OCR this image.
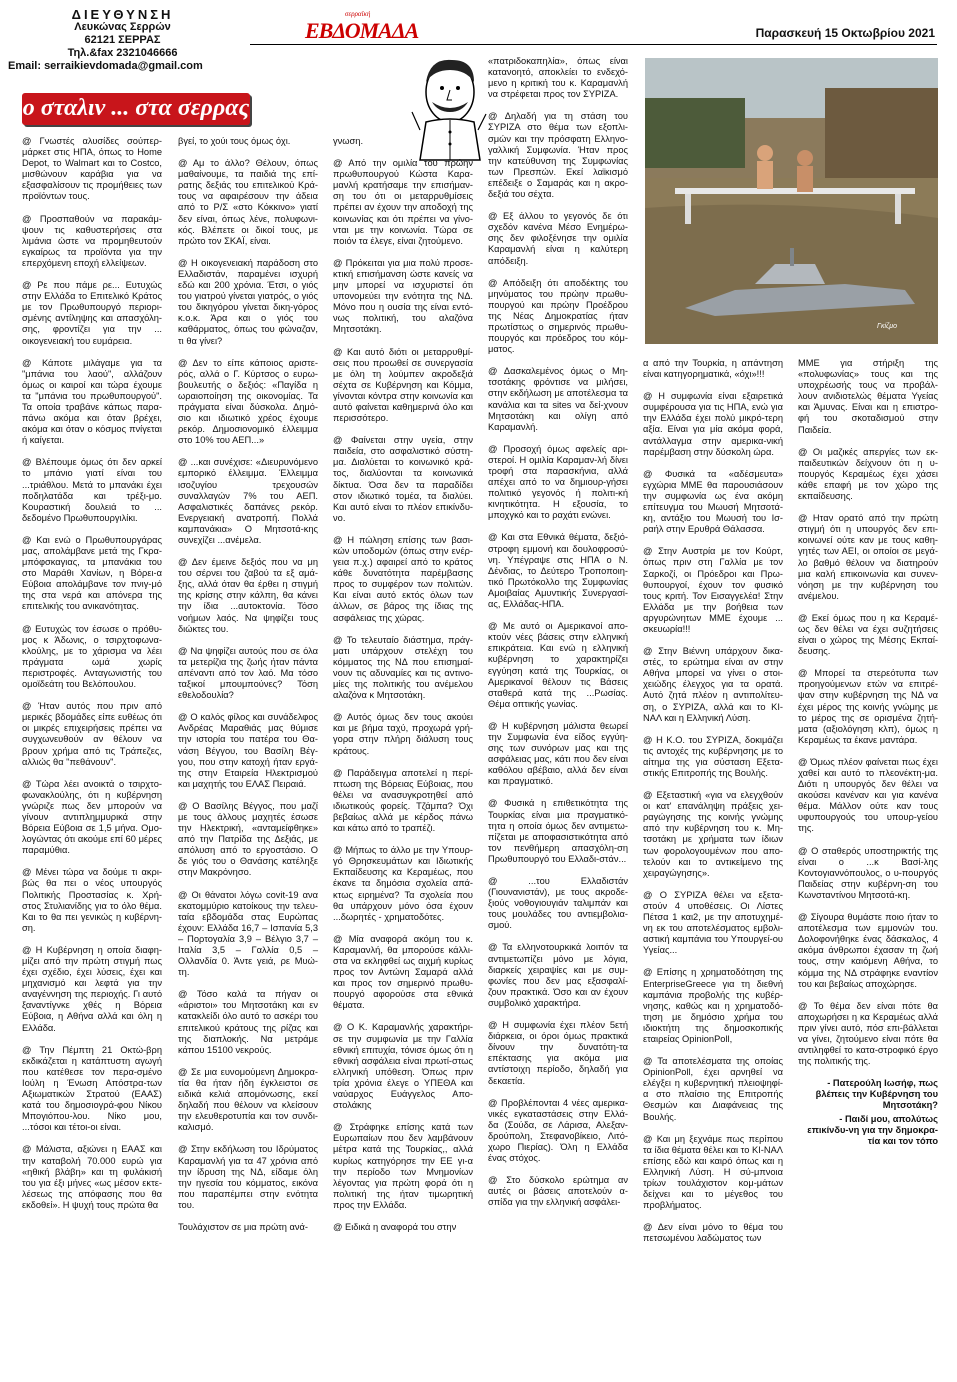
ΔΙΕΥΘΥΝΣΗ
Λευκώνας Σερρών
62121 ΣΕΡΡΑΣ
Τηλ.&fax 2321046666
Email: serraikievdomada@gmail.com
σερραϊκή
ΕΒΔΟΜΑΔΑ	Παρασκευή 15 Οκτωβρίου 2021
ο σταλιν ... στα σερρας
Γκίζμο

@ Γνωστές αλυσίδες σούπερ-μάρκετ στις ΗΠΑ, όπως το Home Depot, το Walmart και το Costco, μισθώνουν καράβια για να εξασφαλίσουν τις προμήθειες των προϊόντων τους.

@ Προσπαθούν να παρακάμ-ψουν τις καθυστερήσεις στα λιμάνια ώστε να προμηθευτούν εγκαίρως τα προϊόντα για την επερχόμενη εποχή ελλείψεων.

@ Ρε που πάμε ρε... Ευτυχώς στην Ελλάδα το Επιτελικό Κράτος με τον Πρωθυπουργό περιορι-σμένης αντίληψης και απασχόλη-σης, φροντίζει για την ... οικογενειακή του ευμάρεια.

@ Κάποτε μιλάγαμε για τα "μπάνια του λαού", αλλάζουν όμως οι καιροί και τώρα έχουμε τα "μπάνια του πρωθυπουργού". Τα οποία τραβάνε κάπως παρα-πάνω ακόμα και όταν βρέχει, ακόμα και όταν ο κόσμος πνίγεται ή καίγεται.

@ Βλέπουμε όμως ότι δεν αρκεί το μπάνιο γιατί είναι του ...τριάθλου. Μετά το μπανάκι έχει ποδηλατάδα και τρέξι-μο. Κουραστική δουλειά το ... δεδομένο Πρωθυπουργιλίκι.

@ Και ενώ ο Πρωθυπουργάρας μας, απολάμβανε μετά της Γκρα-μπόφσκαγιας, τα μπανάκια του στο Μαράθι Χανίων, η Βόρει-α Εύβοια απολάμβανε τον πνιγ-μό της στα νερά και απόνερα της επιτελικής του ανικανότητας.

@ Ευτυχώς τον έσωσε ο πρόθυ-μος κ Άδωνις, ο τσιρχτοφωνα-κλούλης, με το χάρισμα να λέει πράγματα ωμά χωρίς περιστροφές. Ανταγωνιστής του ομοϊδεάτη του Βελόπουλου.

@ Ήταν αυτός που πριν από μερικές βδομάδες είπε ευθέως ότι οι μικρές επιχειρήσεις πρέπει να συγχωνευθούν αν θέλουν να βρουν χρήμα από τις Τράπεζες, αλλιώς θα "πεθάνουν".

@ Τώρα λέει ανοικτά ο τσιρχτο-φωνακλούλης, ότι η κυβέρνηση γνώριζε πως δεν μπορούν να γίνουν αντιπλημμυρικά στην Βόρεια Εύβοια σε 1,5 μήνα. Ομο-λογώντας ότι ακούμε επί 60 μέρες παραμύθια.

@ Μένει τώρα να δούμε τι ακρι-βώς θα πει ο νέος υπουργός Πολιτικής Προστασίας κ. Χρή-στος Στυλιανίδης για το όλο θέμα. Και το θα πει γενικώς η κυβέρνη-ση.

@ Η Κυβέρνηση η οποία διαφη-μίζει από την πρώτη στιγμή πως έχει σχέδιο, έχει λύσεις, έχει και μηχανισμό και λεφτά για την αναγέννηση της περιοχής. Γι αυτό ξαναντίγνκε χθές η Βόρεια Εύβοια, η Αθήνα αλλά και όλη η Ελλάδα.

@ Την Πέμπτη 21 Οκτώ-βρη εκδικάζεται η κατάπτυστη αγωγή που κατέθεσε τον περα-σμένο Ιούλη η Ένωση Απόστρα-των Αξιωματικών Στρατού (ΕΑΑΣ) κατά του δημοσιογρά-φου Νίκου Μπογιόπου-λου. Νίκο μου, ...τόσοι και τέτοι-οι είναι.

@ Μάλιστα, αξιώνει η ΕΑΑΣ και την καταβολή 70.000 ευρώ για «ηθική βλάβη» και τη φυλάκισή του για έξι μήνες «ως μέσον εκτε-λέσεως της απόφασης που θα εκδοθεί». Η ψυχή τους πρώτα θα

βγεί, το χούι τους όμως όχι.

@ Αμ το άλλο? Θέλουν, όπως μαθαίνουμε, τα παιδιά της επί-ρατης δεξιάς του επιτελικού Κρά-τους να αφαιρέσουν την άδεια από το Ρ/Σ «στο Κόκκινο» γιατί δεν είναι, όπως λένε, πολυφωνι-κός. Βλέπετε οι δικοί τους, με πρώτο τον ΣΚΑΪ, είναι.

@ Η οικογενειακή παράδοση στο Ελλαδιστάν, παραμένει ισχυρή εδώ και 200 χρόνια. Έτσι, ο γιός του γιατρού γίνεται γιατρός, ο γιός του δικηγόρου γίνεται δικη-γόρος κ.ο.κ. Άρα και ο γιός του καθάρματος, όπως του φώναζαν, τι θα γίνει?

@ Δεν το είπε κάποιος αριστε-ρός, αλλά ο Γ. Κύρτσος ο ευρω-βουλευτής ο δεξιός: «Παγίδα η ωραιοποίηση της οικονομίας. Τα πράγματα είναι δύσκολα. Δημό-σιο και ιδιωτικό χρέος έχουμε ρεκόρ. Δημοσιονομικό έλλειμμα στο 10% του ΑΕΠ...»

@ ...και συνέχισε: «Διευρυνόμενο εμπορικό έλλειμμα. Έλλειμμα ισοζυγίου τρεχουσών συναλλαγών 7% του ΑΕΠ. Ασφαλιστικές δαπάνες ρεκόρ. Ενεργειακή ανατροπή. Πολλά καμπανάκια» Ο Μητσοτά-κης συνεχίζει ...ανέμελα.

@ Δεν έμεινε δεξιός που να μη του σέρνει του ζαβού τα εξ αμά-ξης, αλλά όταν θα έρθει η στιγμή της κρίσης στην κάλπη, θα κάνει την ίδια ...αυτοκτονία. Τόσο νοήμων λαός. Να ψηφίζει τους διώκτες του.

@ Να ψηφίζει αυτούς που σε όλα τα μετερίζια της ζωής ήταν πάντα απέναντι από τον λαό. Μα τόσο ταξικοί μπουμπούνες? Τόση εθελοδουλία?

@ Ο καλός φίλος και συνάδελφος Ανδρέας Μαραθιάς μας θύμισε την ιστορία του πατέρα του Θα-νάση Βέγγου, του Βασίλη Βέγ-γου, που στην κατοχή ήταν εργά-της στην Εταιρεία Ηλεκτρισμού και μαχητής του ΕΛΑΣ Πειραιά.

@ Ο Βασίλης Βέγγος, που μαζί με τους άλλους μαχητές έσωσε την Ηλεκτρική, «ανταμείφθηκε» από την Πατρίδα της Δεξιάς, με απόλυση από το εργοστάσιο. Ο δε γιός του ο Θανάσης κατέληξε στην Μακρόνησο.

@ Οι θάνατοι λόγω covit-19 ανα εκατομμύριο κατοίκους την τελευ-ταία εβδομάδα στας Ευρώπας έχουν: Ελλάδα 16,7 – Ισπανία 5,3 – Πορτογαλία 3,9 – Βέλγιο 3,7 – Ιταλία 3,5 – Γαλλία 0,5 – Ολλανδία 0. Άντε γειά, ρε Μυώ-τη.

@ Τόσο καλά τα πήγαν οι «άριστοι» του Μητσοτάκη και εν κατακλείδι όλο αυτό το ασκέρι του επιτελικού κράτους της ρίζας και της διαπλοκής. Να μετράμε κάπου 15100 νεκρούς.

@ Σε μια ευνομούμενη Δημοκρα-τία θα ήταν ήδη έγκλειστοι σε ειδικά κελιά απομόνωσης, εκεί δηλαδή που θέλουν να κλείσουν την ελευθεροτυπία και τον συνδι-καλισμό.

@ Στην εκδήλωση του Ιδρύματος Καραμανλή για τα 47 χρόνια από την ίδρυση της ΝΔ, είδαμε όλη την ηγεσία του κόμματος, εικόνα που παραπέμπει στην ενότητα του.

Τουλάχιστον σε μια πρώτη ανά-

γνωση.

@ Από την ομιλία του πρώην πρωθυπουργού Κώστα Καρα-μανλή κρατήσαμε την επισήμαν-ση του ότι οι μεταρρυθμίσεις πρέπει αν έχουν την αποδοχή της κοινωνίας και ότι πρέπει να γίνο-νται με την κοινωνία. Τώρα σε ποιόν τα έλεγε, είναι ζητούμενο.

@ Πρόκειται για μια πολύ προσε-κτική επισήμανση ώστε κανείς να μην μπορεί να ισχυριστεί ότι υπονομεύει την ενότητα της ΝΔ. Μόνο που η ουσία της είναι εντό-νως πολιτική, του αλαζόνα Μητσοτάκη.

@ Και αυτό διότι οι μεταρρυθμί-σεις που προωθεί σε συνεργασία με όλη τη λούμπεν ακροδεξιά σέχτα σε Κυβέρνηση και Κόμμα, γίνονται κόντρα στην κοινωνία και αυτό φαίνεται καθημερινά όλο και περισσότερο.

@ Φαίνεται στην υγεία, στην παιδεία, στο ασφαλιστικό σύστη-μα. Διαλύεται το κοινωνικό κρά-τος, διαλύονται τα κοινωνικά δίκτυα. Όσα δεν τα παραδίδει στον ιδιωτικό τομέα, τα διαλύει. Και αυτό είναι το πλέον επικίνδυ-νο.

@ Η πώληση επίσης των βασι-κών υποδομών (όπως στην ενέρ-γεια π.χ.) αφαιρεί από το κράτος κάθε δυνατότητα παρέμβασης προς το συμφέρον των πολιτών. Και είναι αυτό εκτός όλων των άλλων, σε βάρος της ίδιας της ασφάλειας της χώρας.

@ Το τελευταίο διάστημα, πράγ-ματι υπάρχουν στελέχη του κόμματος της ΝΔ που επισημαί-νουν τις αδυναμίες και τις αντινο-μίες της πολιτικής του ανέμελου αλαζόνα κ Μητσοτάκη.

@ Αυτός όμως δεν τους ακούει και με βήμα ταχύ, προχωρά γρή-γορα στην πλήρη διάλυση τους κράτους.

@ Παράδειγμα αποτελεί η περί-πτωση της Βόρειας Εύβοιας, που θέλει να ανασυγκροτηθεί από ιδιωτικούς φορείς. Τζάμπα? Όχι βεβαίως αλλά με κέρδος πάνω και κάτω από το τραπέζι.

@ Μήπως το άλλο με την Υπουρ-γό Θρησκευμάτων και Ιδιωτικής Εκπαίδευσης κα Κεραμέως, που έκανε τα δημόσια σχολεία απά-κτως ειρημένα? Τα σχολεία που θα υπάρχουν μόνο όσα έχουν ...δωρητές - χρηματοδότες.

@ Μία αναφορά ακόμη του κ. Καραμανλή, θα μπορούσε κάλλι-στα να εκληφθεί ως αιχμή κυρίως προς τον Αντώνη Σαμαρά αλλά και προς τον σημερινό πρωθυ-πουργό αφορούσε στα εθνικά θέματα.

@ Ο Κ. Καραμανλής χαρακτήρι-σε την συμφωνία με την Γαλλία εθνική επιτυχία, τόνισε όμως ότι η εθνική ασφάλεια είναι πρωτί-στως ελληνική υπόθεση. Όπως πριν τρία χρόνια έλεγε ο ΥΠΕΘΑ και ναύαρχος Ευάγγελος Απο-στολάκης

@ Στράφηκε επίσης κατά των Ευρωπαίων που δεν λαμβάνουν μέτρα κατά της Τουρκίας,, αλλά κυρίως κατηγόρησε την ΕΕ γι-α την περίοδο των Μνημονίων λέγοντας για πρώτη φορά ότι η πολιτική της ήταν τιμωρητική προς την Ελλάδα.

@ Ειδικά η αναφορά του στην

«πατριδοκαπηλία», όπως είναι κατανοητό, αποκλείει το ενδεχό-μενο η κριτική του κ. Καραμανλή να στρέφεται προς τον ΣΥΡΙΖΑ.

@ Δηλαδή για τη στάση του ΣΥΡΙΖΑ στο θέμα των εξοπλι-σμών και την πρόσφατη Ελληνο-γαλλική Συμφωνία. Ήταν προς την κατεύθυνση της Συμφωνίας των Πρεσπών. Εκεί λαϊκισμό επέδειξε ο Σαμαράς και η ακρο-δεξιά του σέχτα.

@ Εξ άλλου το γεγονός δε ότι σχεδόν κανένα Μέσο Ενημέρω-σης δεν φιλοξένησε την ομιλία Καραμανλή είναι η καλύτερη απόδειξη.

@ Απόδειξη ότι αποδέκτης του μηνύματος του πρώην πρωθυ-πουργού και πρώην Προέδρου της Νέας Δημοκρατίας ήταν πρωτίστως ο σημερινός πρωθυ-πουργός και πρόεδρος του κόμ-ματος.

@ Δασκαλεμένος όμως ο Μη-τσοτάκης φρόντισε να μιλήσει, στην εκδήλωση με αποτέλεσμα τα κανάλια και τα sites να δεί-χνουν Μητσοτάκη και ολίγη από Καραμανλή.

@ Προσοχή όμως αφελείς αρι-στεροί. Η ομιλία Καραμαν-λή δίνει τροφή στα παρασκήνια, αλλά απέχει από το να δημιουρ-γήσει πολιτικό γεγονός ή πολιτι-κή κινητικότητα. Η εξουσία, το μποχγκό και το ραχάτι ενώνει.

@ Και στα Εθνικά θέματα, δεξιό-στροφη εμμονή και δουλοφροσύ-νη. Υπέγραψε στις ΗΠΑ ο Ν. Δένδιας, το Δεύτερο Τροποποιη-τικό Πρωτόκολλο της Συμφωνίας Αμοιβαίας Αμυντικής Συνεργασί-ας, Ελλάδας-ΗΠΑ.

@ Με αυτό οι Αμερικανοί απο-κτούν νέες βάσεις στην ελληνική επικράτεια. Και ενώ η ελληνική κυβέρνηση το χαρακτηρίζει εγγύηση κατά της Τουρκίας, οι Αμερικανοί θέλουν τις Βάσεις σταθερά κατά της ...Ρωσίας. Θέμα οπτικής γωνίας.

@ Η κυβέρνηση μάλιστα θεωρεί την Συμφωνία ένα είδος εγγύη-σης των συνόρων μας και της ασφάλειας μας, κάτι που δεν είναι καθόλου αβέβαιο, αλλά δεν είναι και πραγματικό.

@ Φυσικά η επιθετικότητα της Τουρκίας είναι μια πραγματικό-τητα η οποία όμως δεν αντιμετω-πίζεται με αποφασιστικότητα από τον πενθήμερη απασχόλη-ση Πρωθυπουργό του Ελλαδι-στάν...

@ ...του Ελλαδιστάν (Γιουνανιστάν), με τους ακροδε-ξιούς νοθογιουγιάν ταλιμπάν και τους μουλάδες του αντιεμβολια-σμού.

@ Τα ελληνοτουρκικά λοιπόν τα αντιμετωπίζει μόνο με λόγια, διαρκείς χειραψίες και με συμ-φωνίες που δεν μας εξασφαλί-ζουν πρακτικά. Όσο και αν έχουν συμβολικό χαρακτήρα.

@ Η συμφωνία έχει πλέον 5ετή διάρκεια, οι όροι όμως πρακτικά δίνουν την δυνατότη-τα επέκτασης για ακόμα μια αντίστοιχη περίοδο, δηλαδή για δεκαετία.

@ Προβλέπονται 4 νέες αμερικα-νικές εγκαταστάσεις στην Ελλά-δα (Σούδα, σε Λάρισα, Αλεξαν-δρούπολη, Στεφανοβίκειο, Λιτό-χωρο Πιερίας). Όλη η Ελλάδα ένας στόχος.

@ Στο δύσκολο ερώτημα αν αυτές οι βάσεις αποτελούν α-σπίδα για την ελληνική ασφάλει-

α από την Τουρκία, η απάντηση είναι κατηγορηματικά, «όχι»!!!

@ Η συμφωνία είναι εξαιρετικά συμφέρουσα για τις ΗΠΑ, ενώ για την Ελλάδα έχει πολύ μικρό-τερη αξία. Είναι για μία ακόμα φορά, αντάλλαγμα στην αμερικα-νική παρέμβαση στην δύσκολη ώρα.

@ Φυσικά τα «αδέσμευτα» εγχώρια ΜΜΕ θα παρουσιάσουν την συμφωνία ως ένα ακόμη επίτευγμα του Μωυσή Μητσοτά-κη, αντάξιο του Μωυσή του Ισ-ραήλ στην Ερυθρά Θάλασσα.

@ Στην Αυστρία με τον Κούρτ, όπως πριν στη Γαλλία με τον Σαρκοζί, οι Πρόεδροι και Πρω-θυπουργοί, έχουν τον φυσικό τους κριτή. Τον Εισαγγελέα! Στην Ελλάδα με την βοήθεια των αργυρώνητων ΜΜΕ έχουμε ... σκευωρία!!!

@ Στην Βιέννη υπάρχουν δικα-στές, το ερώτημα είναι αν στην Αθήνα μπορεί να γίνει ο στοι-χειώδης έλεγχος για τα ορατά. Αυτό ζητά πλέον η αντιπολίτευ-ση, ο ΣΥΡΙΖΑ, αλλά και το ΚΙ-ΝΑΛ και η Ελληνική Λύση.

@ Η Κ.Ο. του ΣΥΡΙΖΑ, δοκιμάζει τις αντοχές της κυβέρνησης με το αίτημα της για σύσταση Εξετα-στικής Επιτροπής της Βουλής.

@ Εξεταστική «για να ελεγχθούν οι κατ' επανάληψη πράξεις χει-ραγώγησης της κοινής γνώμης από την κυβέρνηση του κ. Μη-τσοτάκη με χρήματα των ίδιων των φορολογουμένων που απο-τελούν και το αντικείμενο της χειραγώγησης».

@ Ο ΣΥΡΙΖΑ θέλει να εξετα-στούν 4 υποθέσεις. Οι Λίστες Πέτσα 1 και2, με την αποτυχημέ-νη εκ του αποτελέσματος εμβολι-αστική καμπάνια του Υπουργεί-ου Υγείας...

@ Επίσης η χρηματοδότηση της EnterpriseGreece για τη διεθνή καμπάνια προβολής της κυβέρ-νησης, καθώς και η χρηματοδό-τηση με δημόσιο χρήμα του ιδιοκτήτη της δημοσκοπικής εταιρείας OpinionPoll,

@ Τα αποτελέσματα της οποίας OpinionPoll, έχει αρνηθεί να ελέγξει η κυβερνητική πλειοψηφί-α στο πλαίσιο της Επιτροπής Θεσμών και Διαφάνειας της Βουλής.

@ Και μη ξεχνάμε πως περίπου τα ίδια θέματα θέλει και το ΚΙ-ΝΑΛ επίσης εδώ και καιρό όπως και η Ελληνική Λύση. Η σύ-μπνοια τρίων τουλάχιστον κομ-μάτων δείχνει και το μέγεθος του προβλήματος.

@ Δεν είναι μόνο το θέμα του πετσωμένου λαδώματος των

ΜΜΕ για στήριξη της «πολυφωνίας» τους και της υποχρέωσής τους να προβάλ-λουν ανιδιοτελώς θέματα Υγείας και Άμυνας. Είναι και η επιστρο-φή του σκοταδισμού στην Παιδεία.

@ Οι μαζικές απεργίες των εκ-παιδευτικών δείχνουν ότι η υ-πουργός Κεραμέως έχει χάσει κάθε επαφή με τον χώρο της εκπαίδευσης.

@ Ηταν ορατό από την πρώτη στιγμή ότι η υπουργός δεν επι-κοινωνεί ούτε καν με τους καθη-γητές των ΑΕΙ, οι οποίοι σε μεγά-λο βαθμό θέλουν να διατηρούν μια καλή επικοινωνία και συνεν-νόηση με την κυβέρνηση του ανέμελου.

@ Εκεί όμως που η κα Κεραμέ-ως δεν θέλει να έχει συζητήσεις είναι ο χώρος της Μέσης Εκπαί-δευσης.

@ Μπορεί τα στερεότυπα των προηγούμενων ετών να επιτρέ-ψαν στην κυβέρνηση της ΝΔ να έχει μέρος της κοινής γνώμης με το μέρος της σε ορισμένα ζητή-ματα (αξιολόγηση κλπ), όμως η Κεραμέως τα έκανε μαντάρα.

@ Όμως πλέον φαίνεται πως έχει χαθεί και αυτό το πλεονέκτη-μα. Διότι η υπουργός δεν θέλει να ακούσει κανέναν και για κανένα θέμα. Μάλλον ούτε καν τους υφυπουργούς του υπουρ-γείου της.

@ Ο σταθερός υποστηρικτής της είναι ο ...κ Βασί-λης Κοντογιαννόπουλος, ο υ-πουργός Παιδείας στην κυβέρνη-ση του Κωνσταντίνου Μητσοτά-κη.

@ Σίγουρα θυμάστε ποιο ήταν το αποτέλεσμα των εμμονών του. Δολοφονήθηκε ένας δάσκαλος, 4 ακόμα άνθρωποι έχασαν τη ζωή τους, στην καιόμενη Αθήνα, το κόμμα της ΝΔ στράφηκε εναντίον του και βεβαίως αποχώρησε.

@ Το θέμα δεν είναι πότε θα αποχωρήσει η κα Κεραμέως αλλά πριν γίνει αυτό, πόσ επι-βάλλεται να γίνει, ζητούμενο είναι πότε θα αντιληφθεί το κατα-στροφικό έργο της πολιτικής της.

- Πατερούλη Ιωσήφ, πως βλέπεις την Κυβέρνηση του Μητσοτάκη?
- Παιδί μου, απολύτως επικίνδυ-νη για την δημοκρα-τία και τον τόπο
